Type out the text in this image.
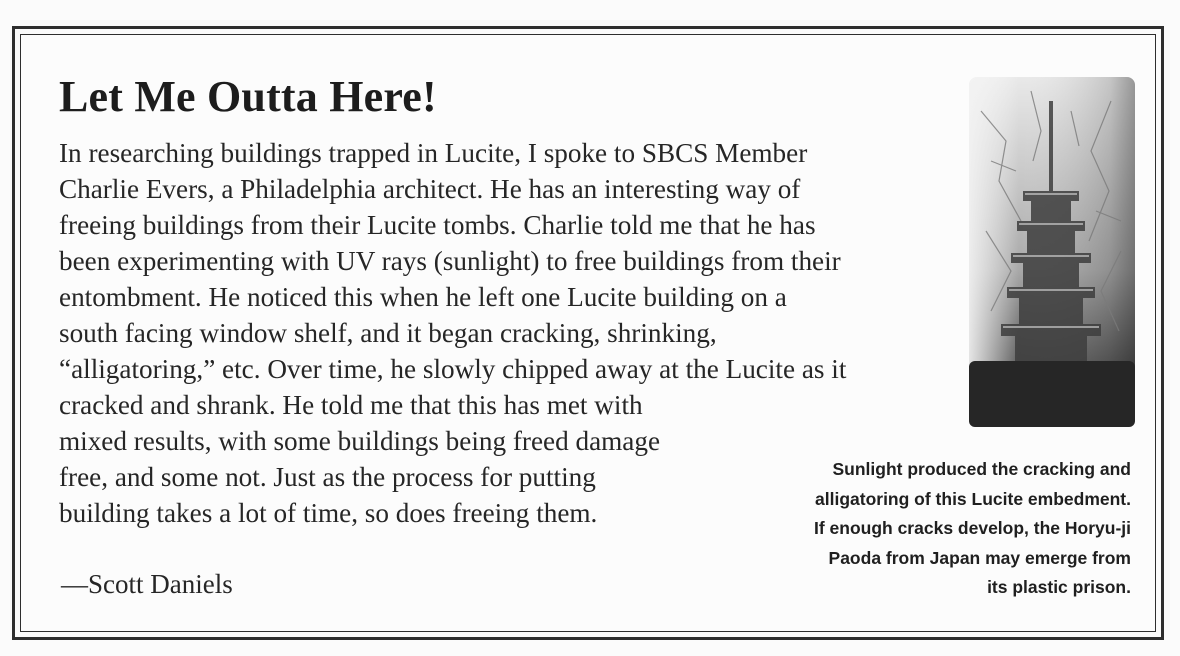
Let Me Outta Here!
In researching buildings trapped in Lucite, I spoke to SBCS Member
Charlie Evers, a Philadelphia architect. He has an interesting way of
freeing buildings from their Lucite tombs. Charlie told me that he has
been experimenting with UV rays (sunlight) to free buildings from their
entombment. He noticed this when he left one Lucite building on a
south facing window shelf, and it began cracking, shrinking,
“alligatoring,” etc. Over time, he slowly chipped away at the Lucite as it
cracked and shrank. He told me that this has met with
mixed results, with some buildings being freed damage
free, and some not. Just as the process for putting
building takes a lot of time, so does freeing them.
—Scott Daniels
Sunlight produced the cracking and
alligatoring of this Lucite embedment.
If enough cracks develop, the Horyu-ji
Paoda from Japan may emerge from
its plastic prison.
